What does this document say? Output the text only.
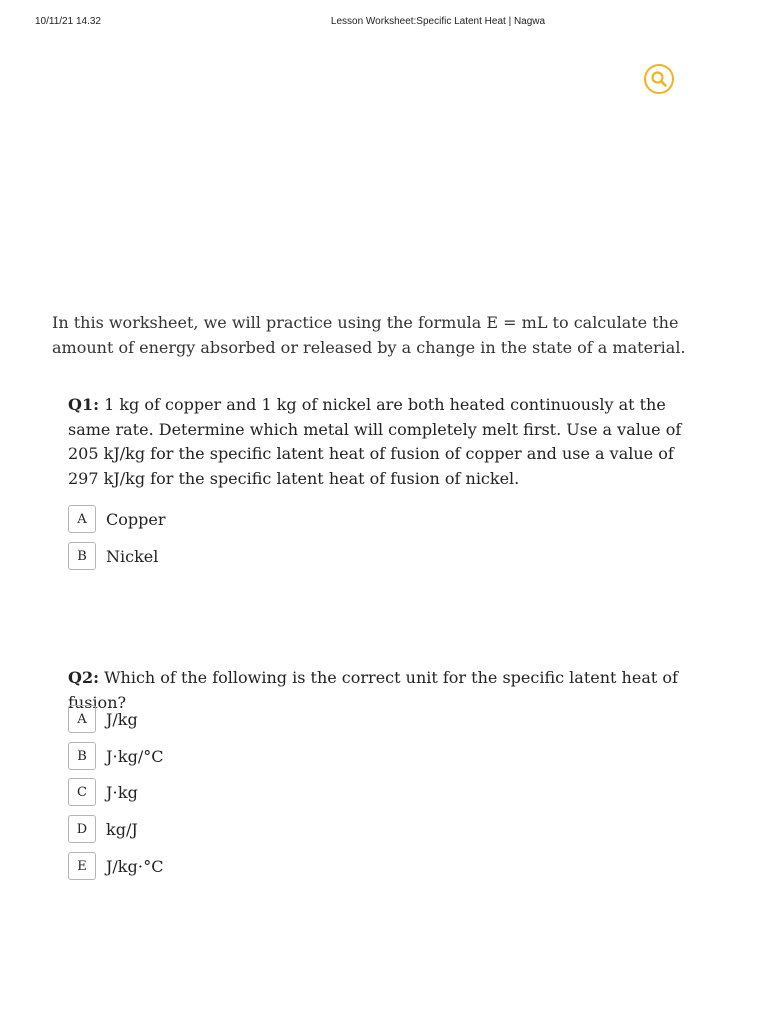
10/11/21 14.32	Lesson Worksheet:Specific Latent Heat | Nagwa

In this worksheet, we will practice using the formula E = mL to calculate the amount of energy absorbed or released by a change in the state of a material.

Q1: 1 kg of copper and 1 kg of nickel are both heated continuously at the same rate. Determine which metal will completely melt first. Use a value of 205 kJ/kg for the specific latent heat of fusion of copper and use a value of 297 kJ/kg for the specific latent heat of fusion of nickel.

A	Copper
B	Nickel

Q2: Which of the following is the correct unit for the specific latent heat of fusion?

A	J/kg
B	J⋅kg/°C
C	J⋅kg
D	kg/J
E	J/kg⋅°C
